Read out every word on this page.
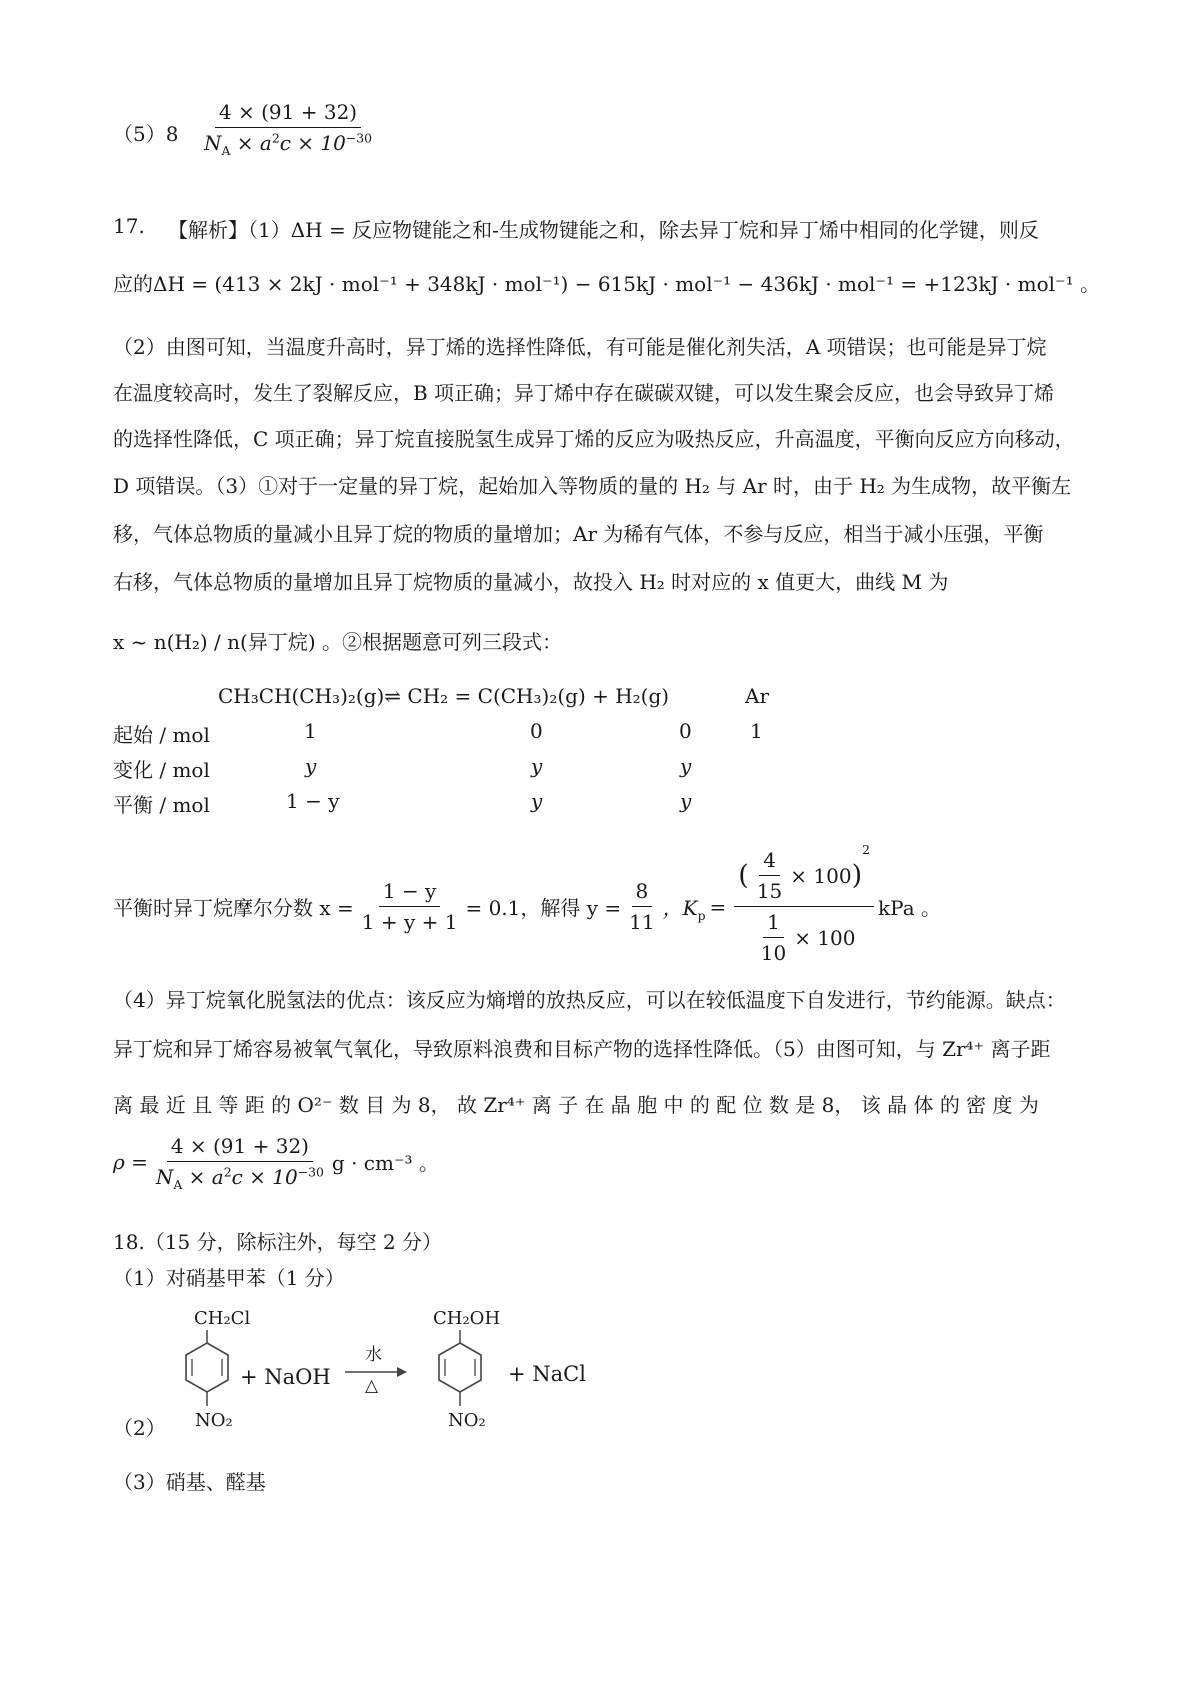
$(5)8 \frac{4 \times (91 + 32)}{N_A \times a^2c \times 10^{-30}}$
17. 【解析】（1）ΔH = 反应物键能之和-生成物键能之和，除去异丁烷和异丁烯中相同的化学键，则反
应的ΔH = (413 × 2kJ · mol⁻¹ + 348kJ · mol⁻¹) − 615kJ · mol⁻¹ − 436kJ · mol⁻¹ = +123kJ · mol⁻¹ 。
（2）由图可知，当温度升高时，异丁烯的选择性降低，有可能是催化剂失活，A 项错误；也可能是异丁烷
在温度较高时，发生了裂解反应，B 项正确；异丁烯中存在碳碳双键，可以发生聚会反应，也会导致异丁烯
的选择性降低，C 项正确；异丁烷直接脱氢生成异丁烯的反应为吸热反应，升高温度，平衡向反应方向移动，
D 项错误。（3）①对于一定量的异丁烷，起始加入等物质的量的 H₂ 与 Ar 时，由于 H₂ 为生成物，故平衡左
移，气体总物质的量减小且异丁烷的物质的量增加；Ar 为稀有气体，不参与反应，相当于减小压强，平衡
右移，气体总物质的量增加且异丁烷物质的量减小，故投入 H₂ 时对应的 x 值更大，曲线 M 为
x ~ n(H₂) / n(异丁烷) 。②根据题意可列三段式：
CH₃CH(CH₃)₂(g)⇌ CH₂ = C(CH₃)₂(g) + H₂(g)	Ar
起始 / mol	1	0	0	1
变化 / mol	y	y	y
平衡 / mol	1 − y	y	y
平衡时异丁烷摩尔分数 $x = \frac{1 - y}{1 + y + 1} = 0.1$，解得 $y = \frac{8}{11}$ ，$K_p$ = ( $\frac{4}{15} \times 100$ )
2
$\frac{1}{10} \times 100$ kPa 。
（4）异丁烷氧化脱氢法的优点：该反应为熵增的放热反应，可以在较低温度下自发进行，节约能源。缺点：
异丁烷和异丁烯容易被氧气氧化，导致原料浪费和目标产物的选择性降低。（5）由图可知，与 Zr⁴⁺ 离子距
离 最 近 且 等 距 的 O²⁻ 数 目 为 8， 故 Zr⁴⁺ 离 子 在 晶 胞 中 的 配 位 数 是 8， 该 晶 体 的 密 度 为
$\rho = \frac{4 \times (91 + 32)}{N_A \times a^2c \times 10^{-30}}$ g · cm⁻³ 。
18.（15 分，除标注外，每空 2 分）
（1）对硝基甲苯（1 分）
CH₂Cl
NO₂
+ NaOH
水
△
CH₂OH
NO₂
+ NaCl
（2）
（3）硝基、醛基
